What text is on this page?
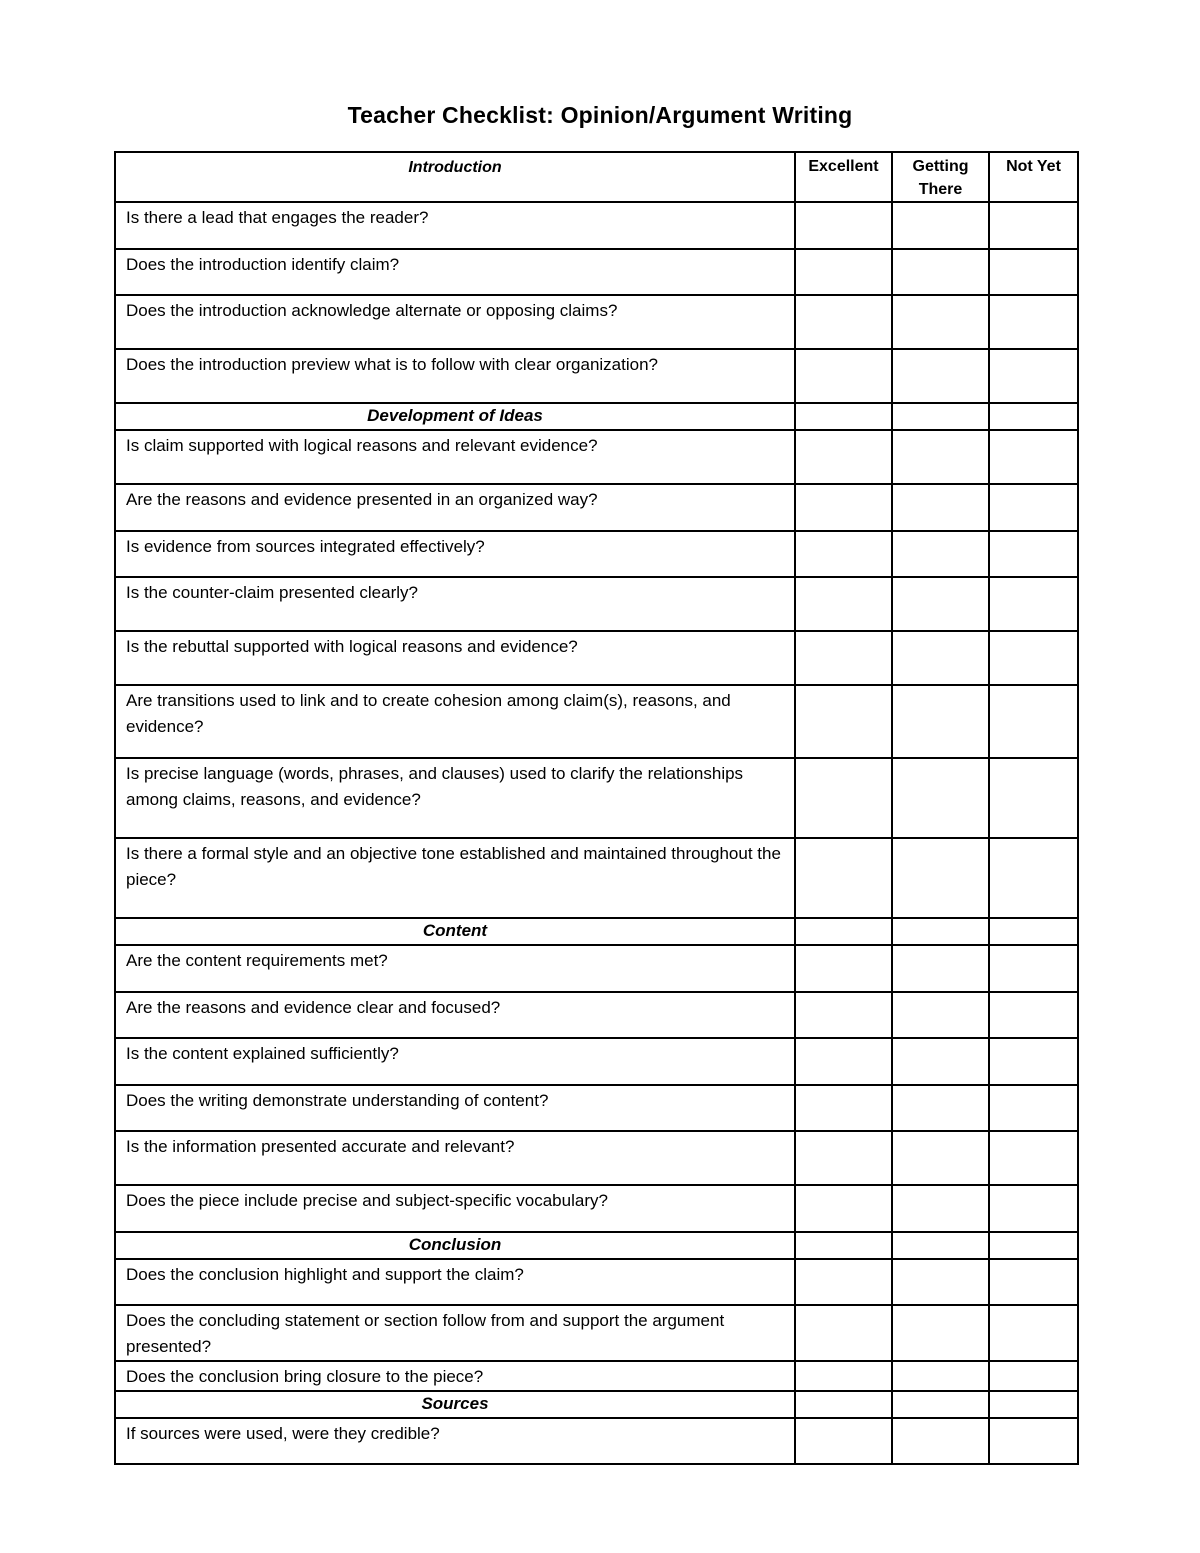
Teacher Checklist: Opinion/Argument Writing
Introduction	Excellent	Getting There	Not Yet
Is there a lead that engages the reader?			
Does the introduction identify claim?			
Does the introduction acknowledge alternate or opposing claims?			
Does the introduction preview what is to follow with clear organization?			
Development of Ideas			
Is claim supported with logical reasons and relevant evidence?			
Are the reasons and evidence presented in an organized way?			
Is evidence from sources integrated effectively?			
Is the counter-claim presented clearly?			
Is the rebuttal supported with logical reasons and evidence?			
Are transitions used to link and to create cohesion among claim(s), reasons, and evidence?			
Is precise language (words, phrases, and clauses) used to clarify the relationships among claims, reasons, and evidence?			
Is there a formal style and an objective tone established and maintained throughout the piece?			
Content			
Are the content requirements met?			
Are the reasons and evidence clear and focused?			
Is the content explained sufficiently?			
Does the writing demonstrate understanding of content?			
Is the information presented accurate and relevant?			
Does the piece include precise and subject-specific vocabulary?			
Conclusion			
Does the conclusion highlight and support the claim?			
Does the concluding statement or section follow from and support the argument presented?			
Does the conclusion bring closure to the piece?			
Sources			
If sources were used, were they credible?			
